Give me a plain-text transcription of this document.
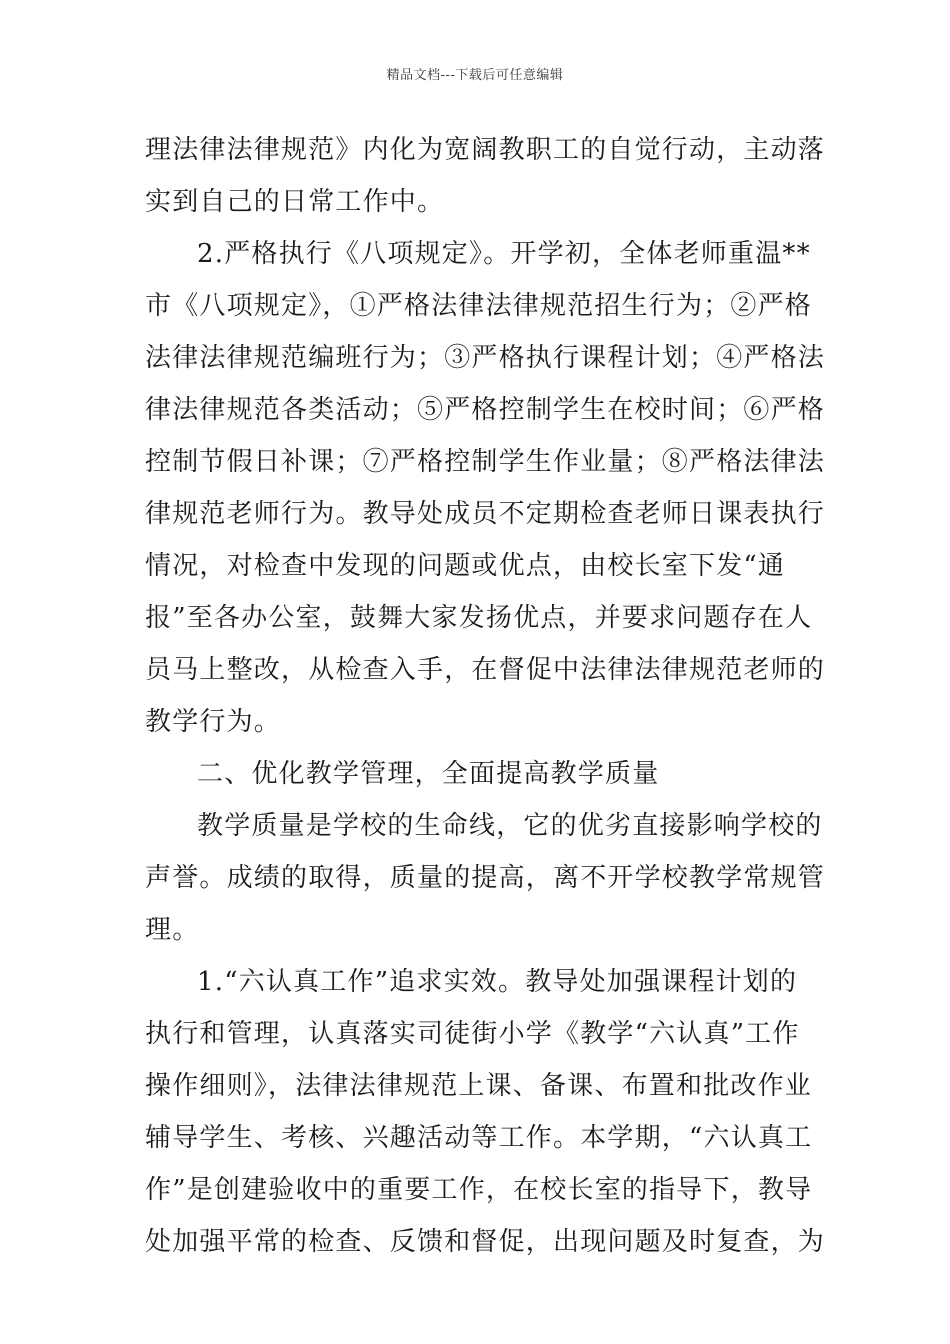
精品文档---下载后可任意编辑
理法律法律规范》内化为宽阔教职工的自觉行动，主动落
实到自己的日常工作中。
2.严格执行《八项规定》。开学初，全体老师重温**
市《八项规定》，①严格法律法律规范招生行为；②严格
法律法律规范编班行为；③严格执行课程计划；④严格法
律法律规范各类活动；⑤严格控制学生在校时间；⑥严格
控制节假日补课；⑦严格控制学生作业量；⑧严格法律法
律规范老师行为。教导处成员不定期检查老师日课表执行
情况，对检查中发现的问题或优点，由校长室下发“通
报”至各办公室，鼓舞大家发扬优点，并要求问题存在人
员马上整改，从检查入手，在督促中法律法律规范老师的
教学行为。
二、优化教学管理，全面提高教学质量
教学质量是学校的生命线，它的优劣直接影响学校的
声誉。成绩的取得，质量的提高，离不开学校教学常规管
理。
1.“六认真工作”追求实效。教导处加强课程计划的
执行和管理，认真落实司徒街小学《教学“六认真”工作
操作细则》，法律法律规范上课、备课、布置和批改作业
辅导学生、考核、兴趣活动等工作。本学期，“六认真工
作”是创建验收中的重要工作，在校长室的指导下，教导
处加强平常的检查、反馈和督促，出现问题及时复查，为
